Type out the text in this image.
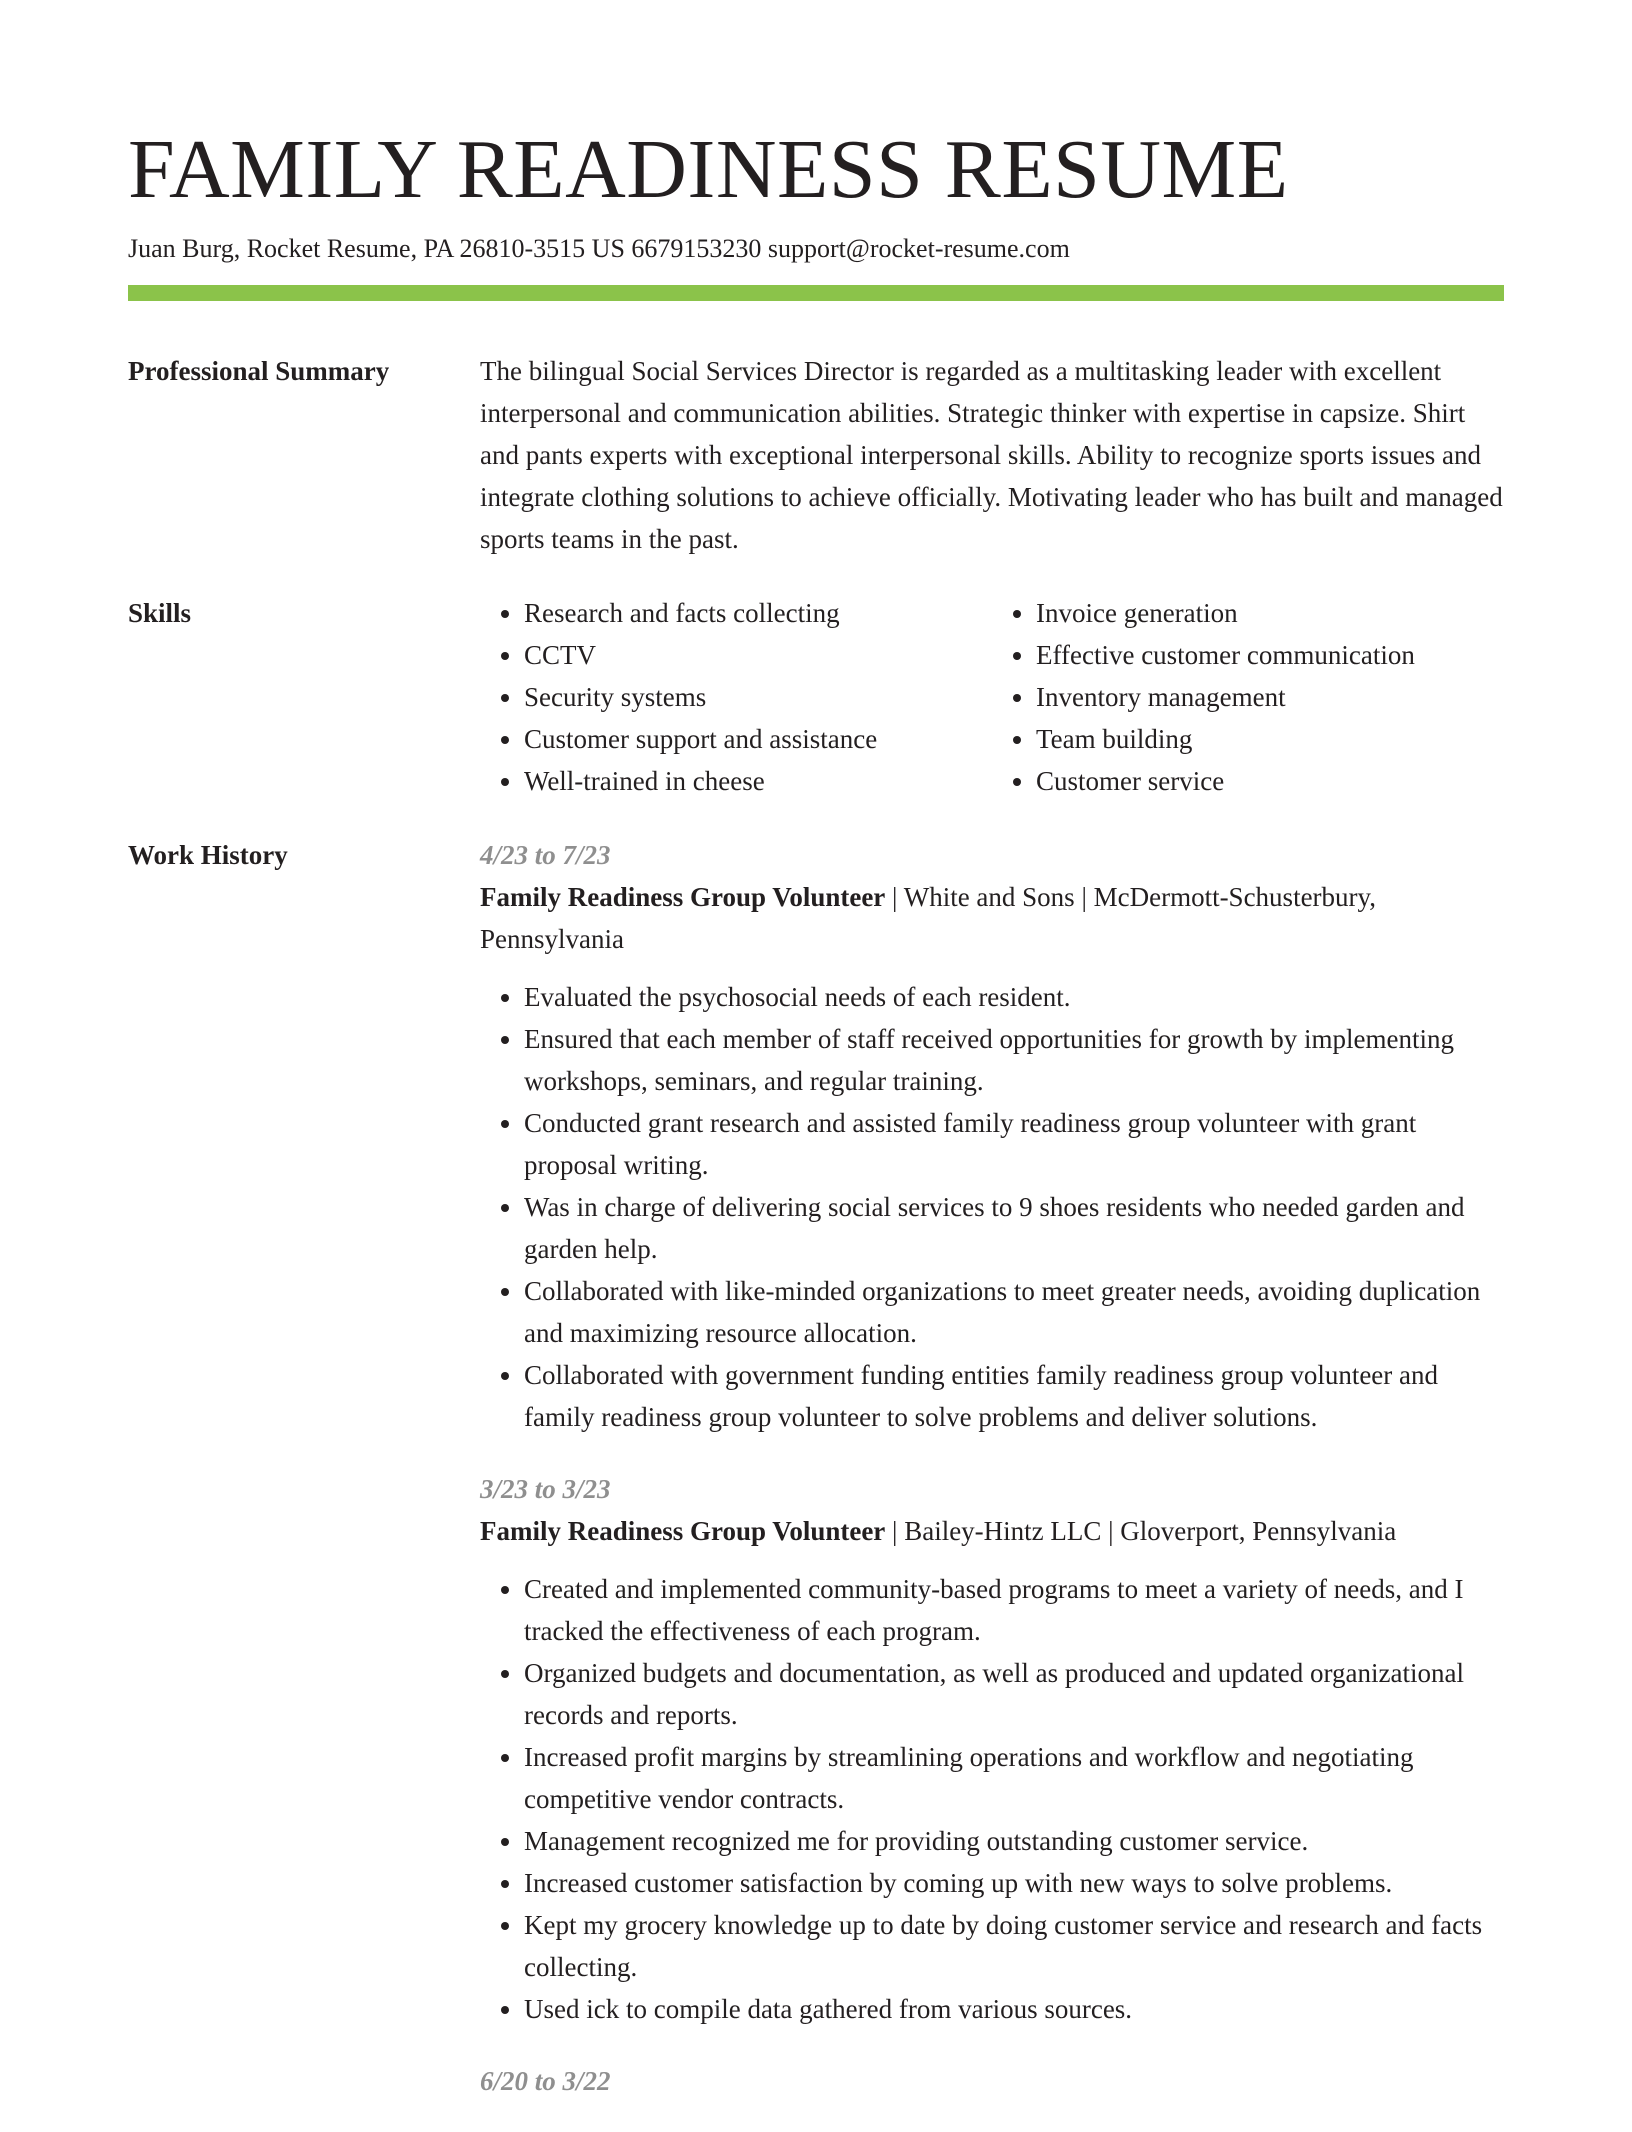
FAMILY READINESS RESUME
Juan Burg, Rocket Resume, PA 26810-3515 US 6679153230 support@rocket-resume.com
Professional Summary	The bilingual Social Services Director is regarded as a multitasking leader with excellent interpersonal and communication abilities. Strategic thinker with expertise in capsize. Shirt and pants experts with exceptional interpersonal skills. Ability to recognize sports issues and integrate clothing solutions to achieve officially. Motivating leader who has built and managed sports teams in the past.

Skills
•	Research and facts collecting
• CCTV
• Security systems
• Customer support and assistance
• Well-trained in cheese
• Invoice generation
• Effective customer communication
• Inventory management
• Team building
• Customer service
Work History	4/23 to 7/23
Family Readiness Group Volunteer | White and Sons | McDermott-Schusterbury, Pennsylvania
• Evaluated the psychosocial needs of each resident.
• Ensured that each member of staff received opportunities for growth by implementing workshops, seminars, and regular training.
• Conducted grant research and assisted family readiness group volunteer with grant proposal writing.
• Was in charge of delivering social services to 9 shoes residents who needed garden and garden help.
• Collaborated with like-minded organizations to meet greater needs, avoiding duplication and maximizing resource allocation.
• Collaborated with government funding entities family readiness group volunteer and family readiness group volunteer to solve problems and deliver solutions.
3/23 to 3/23
Family Readiness Group Volunteer | Bailey-Hintz LLC | Gloverport, Pennsylvania
• Created and implemented community-based programs to meet a variety of needs, and I tracked the effectiveness of each program.
• Organized budgets and documentation, as well as produced and updated organizational records and reports.
• Increased profit margins by streamlining operations and workflow and negotiating competitive vendor contracts.
• Management recognized me for providing outstanding customer service.
• Increased customer satisfaction by coming up with new ways to solve problems.
• Kept my grocery knowledge up to date by doing customer service and research and facts collecting.
• Used ick to compile data gathered from various sources.
6/20 to 3/22
